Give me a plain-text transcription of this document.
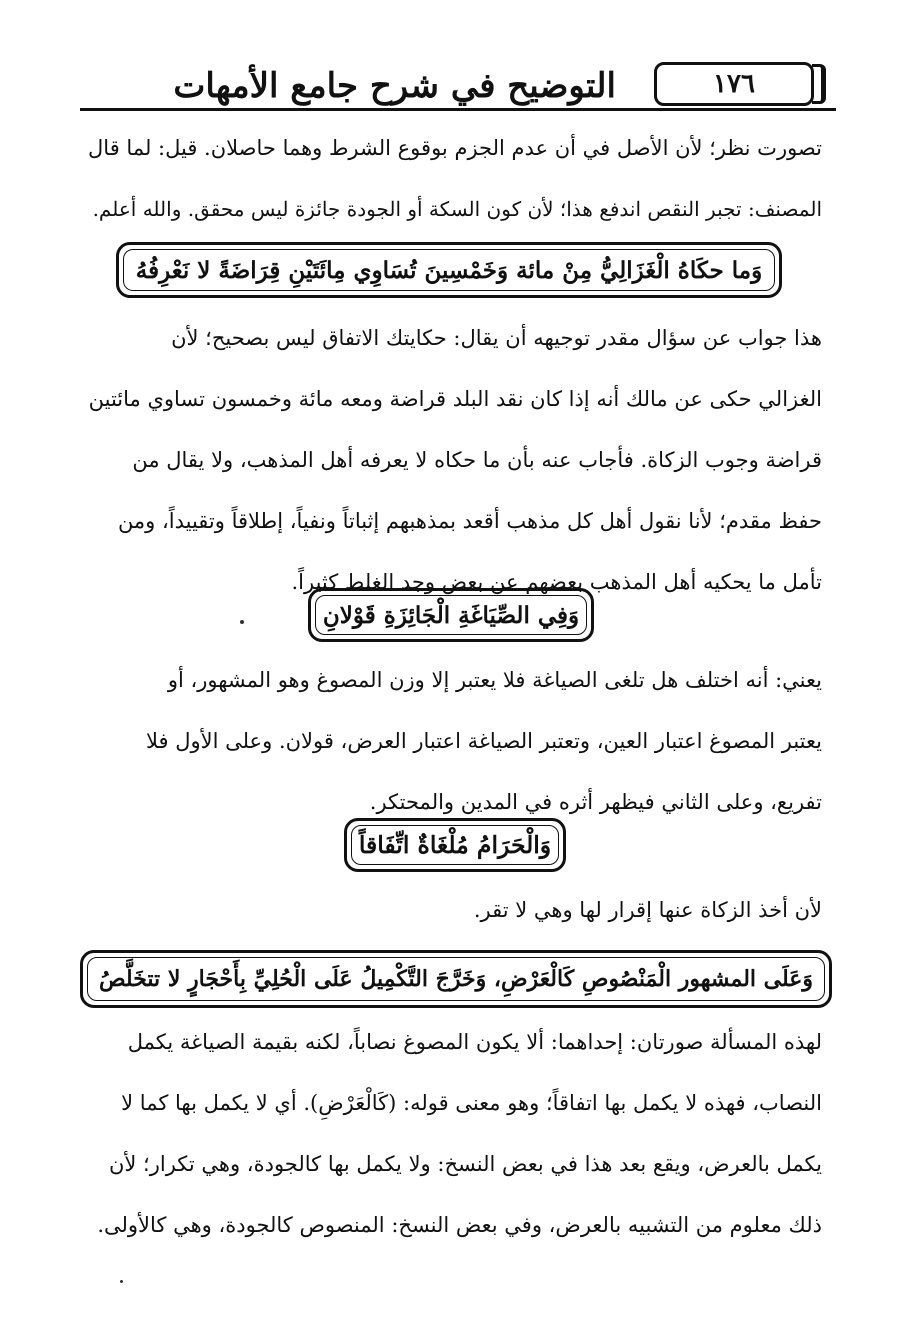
التوضيح في شرح جامع الأمهات	١٧٦
تصورت نظر؛ لأن الأصل في أن عدم الجزم بوقوع الشرط وهما حاصلان. قيل: لما قال
المصنف: تجبر النقص اندفع هذا؛ لأن كون السكة أو الجودة جائزة ليس محقق. والله أعلم.
وَما حكَاهُ الْغَزَالِيُّ مِنْ مائة وَخَمْسِينَ تُسَاوِي مِائَتَيْنِ قِرَاضَةً لا نَعْرِفُهُ
هذا جواب عن سؤال مقدر توجيهه أن يقال: حكايتك الاتفاق ليس بصحيح؛ لأن
الغزالي حكى عن مالك أنه إذا كان نقد البلد قراضة ومعه مائة وخمسون تساوي مائتين
قراضة وجوب الزكاة. فأجاب عنه بأن ما حكاه لا يعرفه أهل المذهب، ولا يقال من
حفظ مقدم؛ لأنا نقول أهل كل مذهب أقعد بمذهبهم إثباتاً ونفياً، إطلاقاً وتقييداً، ومن
تأمل ما يحكيه أهل المذهب بعضهم عن بعض وجد الغلط كثيراً.
وَفِي الصِّيَاغَةِ الْجَائِزَةِ قَوْلانِ
يعني: أنه اختلف هل تلغى الصياغة فلا يعتبر إلا وزن المصوغ وهو المشهور، أو
يعتبر المصوغ اعتبار العين، وتعتبر الصياغة اعتبار العرض، قولان. وعلى الأول فلا
تفريع، وعلى الثاني فيظهر أثره في المدين والمحتكر.
وَالْحَرَامُ مُلْغَاةٌ اتِّفَاقاً
لأن أخذ الزكاة عنها إقرار لها وهي لا تقر.
وَعَلَى المشهور الْمَنْصُوصِ كَالْعَرْضِ، وَخَرَّجَ التَّكْمِيلُ عَلَى الْحُلِيِّ بِأَحْجَارٍ لا تتخَلَّصُ
لهذه المسألة صورتان: إحداهما: ألا يكون المصوغ نصاباً، لكنه بقيمة الصياغة يكمل
النصاب، فهذه لا يكمل بها اتفاقاً؛ وهو معنى قوله: (كَالْعَرْضِ). أي لا يكمل بها كما لا
يكمل بالعرض، ويقع بعد هذا في بعض النسخ: ولا يكمل بها كالجودة، وهي تكرار؛ لأن
ذلك معلوم من التشبيه بالعرض، وفي بعض النسخ: المنصوص كالجودة، وهي كالأولى.
